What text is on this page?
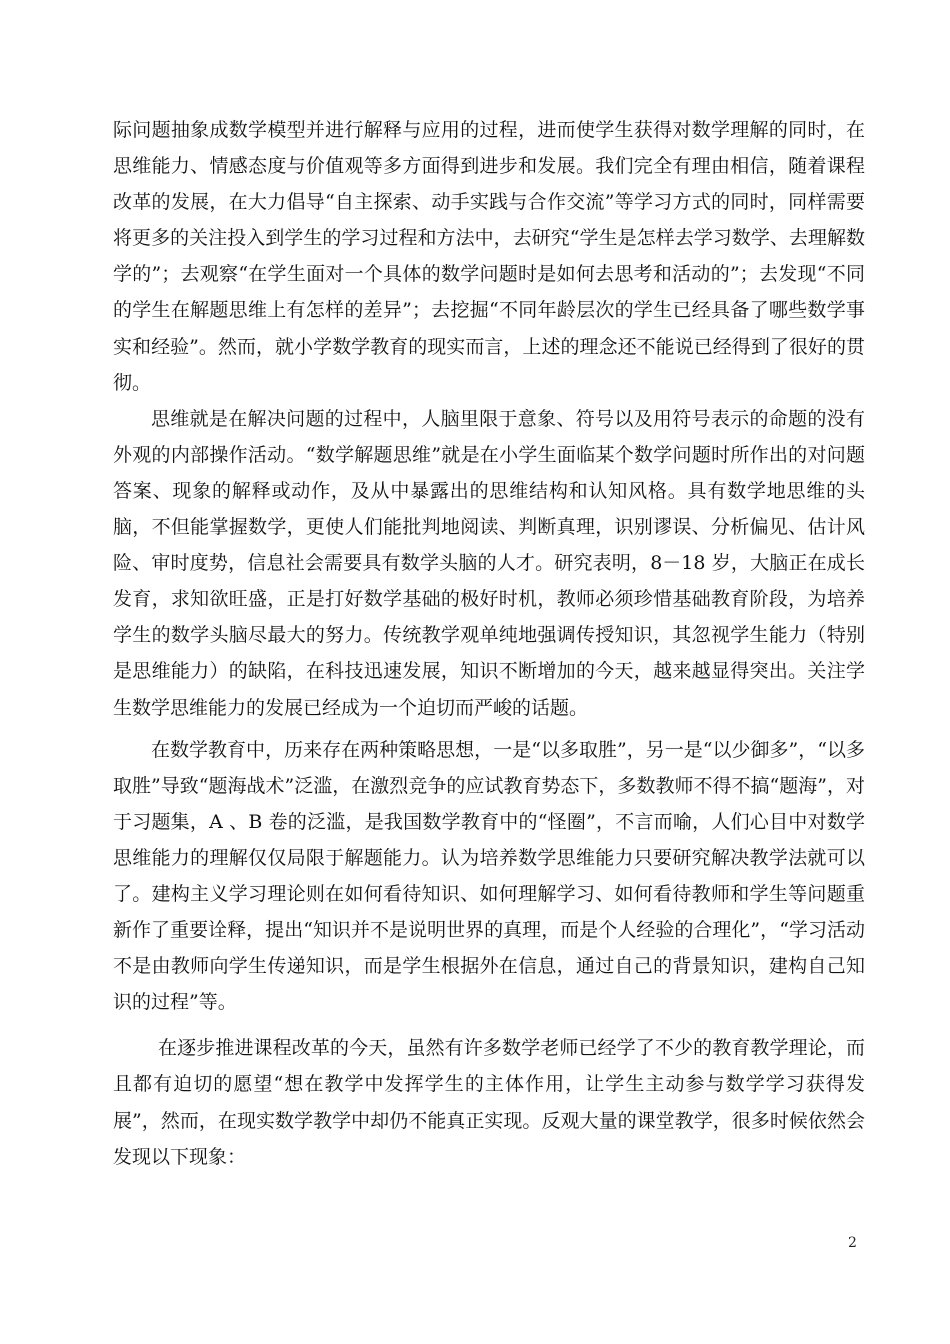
际问题抽象成数学模型并进行解释与应用的过程，进而使学生获得对数学理解的同时，在思维能力、情感态度与价值观等多方面得到进步和发展。我们完全有理由相信，随着课程改革的发展，在大力倡导“自主探索、动手实践与合作交流”等学习方式的同时，同样需要将更多的关注投入到学生的学习过程和方法中，去研究“学生是怎样去学习数学、去理解数学的”；去观察“在学生面对一个具体的数学问题时是如何去思考和活动的”；去发现“不同的学生在解题思维上有怎样的差异”；去挖掘“不同年龄层次的学生已经具备了哪些数学事实和经验”。然而，就小学数学教育的现实而言，上述的理念还不能说已经得到了很好的贯彻。

思维就是在解决问题的过程中，人脑里限于意象、符号以及用符号表示的命题的没有外观的内部操作活动。“数学解题思维”就是在小学生面临某个数学问题时所作出的对问题答案、现象的解释或动作，及从中暴露出的思维结构和认知风格。具有数学地思维的头脑，不但能掌握数学，更使人们能批判地阅读、判断真理，识别谬误、分析偏见、估计风险、审时度势，信息社会需要具有数学头脑的人才。研究表明，8－18 岁，大脑正在成长发育，求知欲旺盛，正是打好数学基础的极好时机，教师必须珍惜基础教育阶段，为培养学生的数学头脑尽最大的努力。传统教学观单纯地强调传授知识，其忽视学生能力（特别是思维能力）的缺陷，在科技迅速发展，知识不断增加的今天，越来越显得突出。关注学生数学思维能力的发展已经成为一个迫切而严峻的话题。

在数学教育中，历来存在两种策略思想，一是“以多取胜”，另一是“以少御多”，“以多取胜”导致“题海战术”泛滥，在激烈竞争的应试教育势态下，多数教师不得不搞“题海”，对于习题集，A 、B 卷的泛滥，是我国数学教育中的“怪圈”，不言而喻，人们心目中对数学思维能力的理解仅仅局限于解题能力。认为培养数学思维能力只要研究解决教学法就可以了。建构主义学习理论则在如何看待知识、如何理解学习、如何看待教师和学生等问题重新作了重要诠释，提出“知识并不是说明世界的真理，而是个人经验的合理化”，“学习活动不是由教师向学生传递知识，而是学生根据外在信息，通过自己的背景知识，建构自己知识的过程”等。

在逐步推进课程改革的今天，虽然有许多数学老师已经学了不少的教育教学理论，而且都有迫切的愿望“想在教学中发挥学生的主体作用，让学生主动参与数学学习获得发展”，然而，在现实数学教学中却仍不能真正实现。反观大量的课堂教学，很多时候依然会发现以下现象：

2
